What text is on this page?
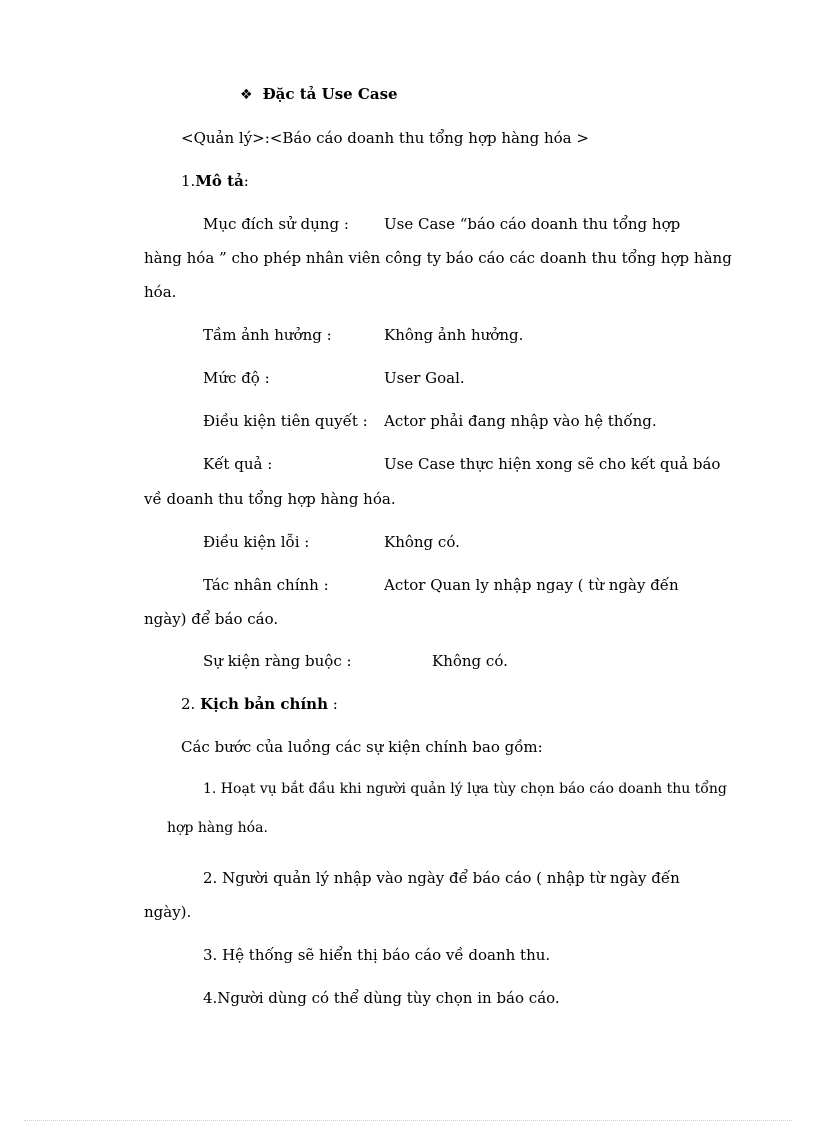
❖ Đặc tả Use Case
<Quản lý>:<Báo cáo doanh thu tổng hợp hàng hóa >
1.Mô tả:
Mục đích sử dụng : Use Case “báo cáo doanh thu tổng hợp
hàng hóa ” cho phép nhân viên công ty báo cáo các doanh thu tổng hợp hàng
hóa.
Tầm ảnh hưởng :	Không ảnh hưởng.
Mức độ :	User Goal.
Điều kiện tiên quyết : Actor phải đang nhập vào hệ thống.
Kết quả :	Use Case thực hiện xong sẽ cho kết quả báo
về doanh thu tổng hợp hàng hóa.
Điều kiện lỗi :	Không có.
Tác nhân chính :	Actor Quan ly nhập ngay ( từ ngày đến
ngày) để báo cáo.
Sự kiện ràng buộc :	Không có.
2. Kịch bản chính :
Các bước của luồng các sự kiện chính bao gồm:
1. Hoạt vụ bắt đầu khi người quản lý lựa tùy chọn báo cáo doanh thu tổng
hợp hàng hóa.
2. Người quản lý nhập vào ngày để báo cáo ( nhập từ ngày đến
ngày).
3. Hệ thống sẽ hiển thị báo cáo về doanh thu.
4.Người dùng có thể dùng tùy chọn in báo cáo.
